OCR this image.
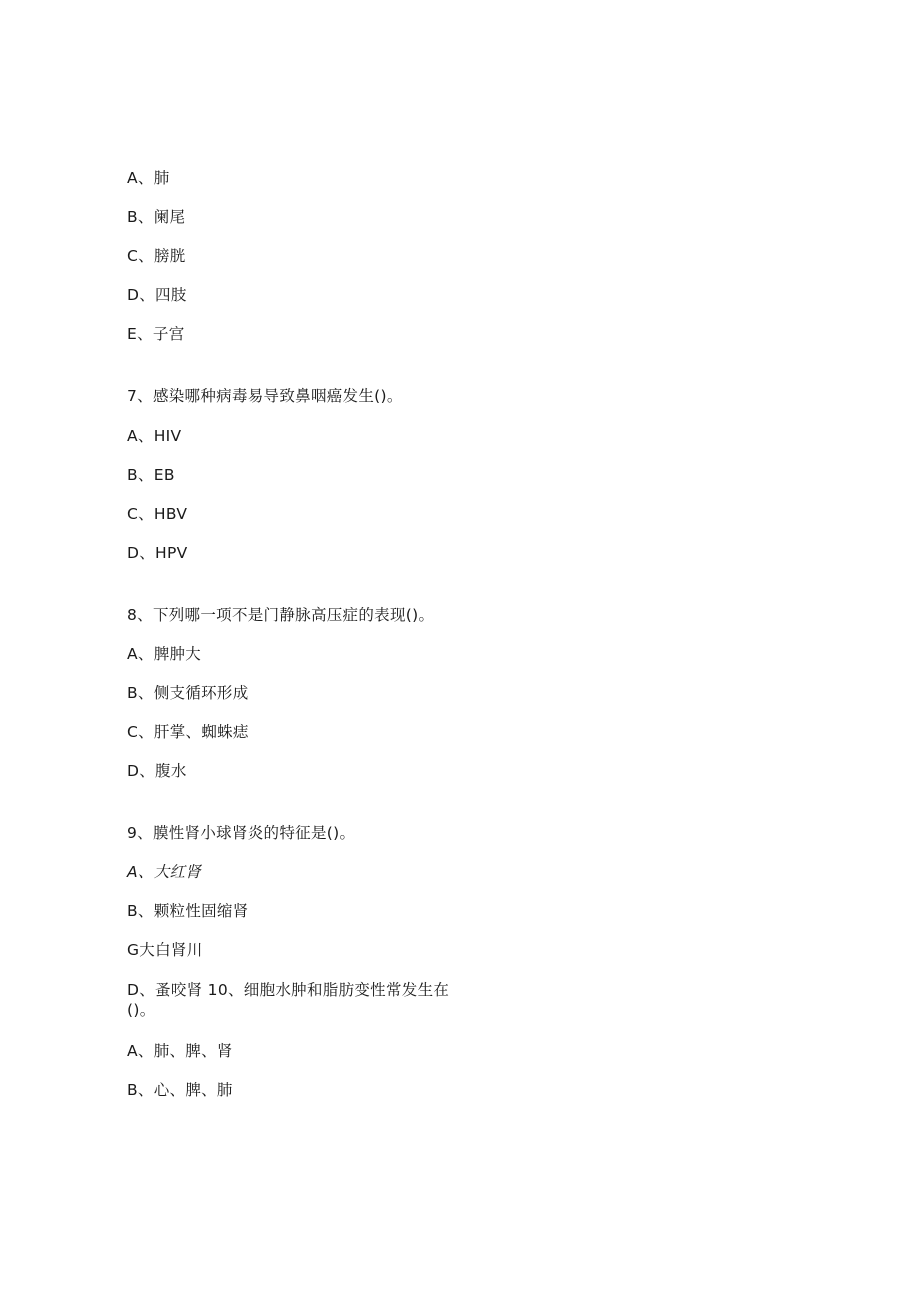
A、肺
B、阑尾
C、膀胱
D、四肢
E、子宫
7、感染哪种病毒易导致鼻咽癌发生()。
A、HIV
B、EB
C、HBV
D、HPV
8、下列哪一项不是门静脉高压症的表现()。
A、脾肿大
B、侧支循环形成
C、肝掌、蜘蛛痣
D、腹水
9、膜性肾小球肾炎的特征是()。
A、大红肾
B、颗粒性固缩肾
G大白肾川
D、蚤咬肾 10、细胞水肿和脂肪变性常发生在
()。
A、肺、脾、肾
B、心、脾、肺
